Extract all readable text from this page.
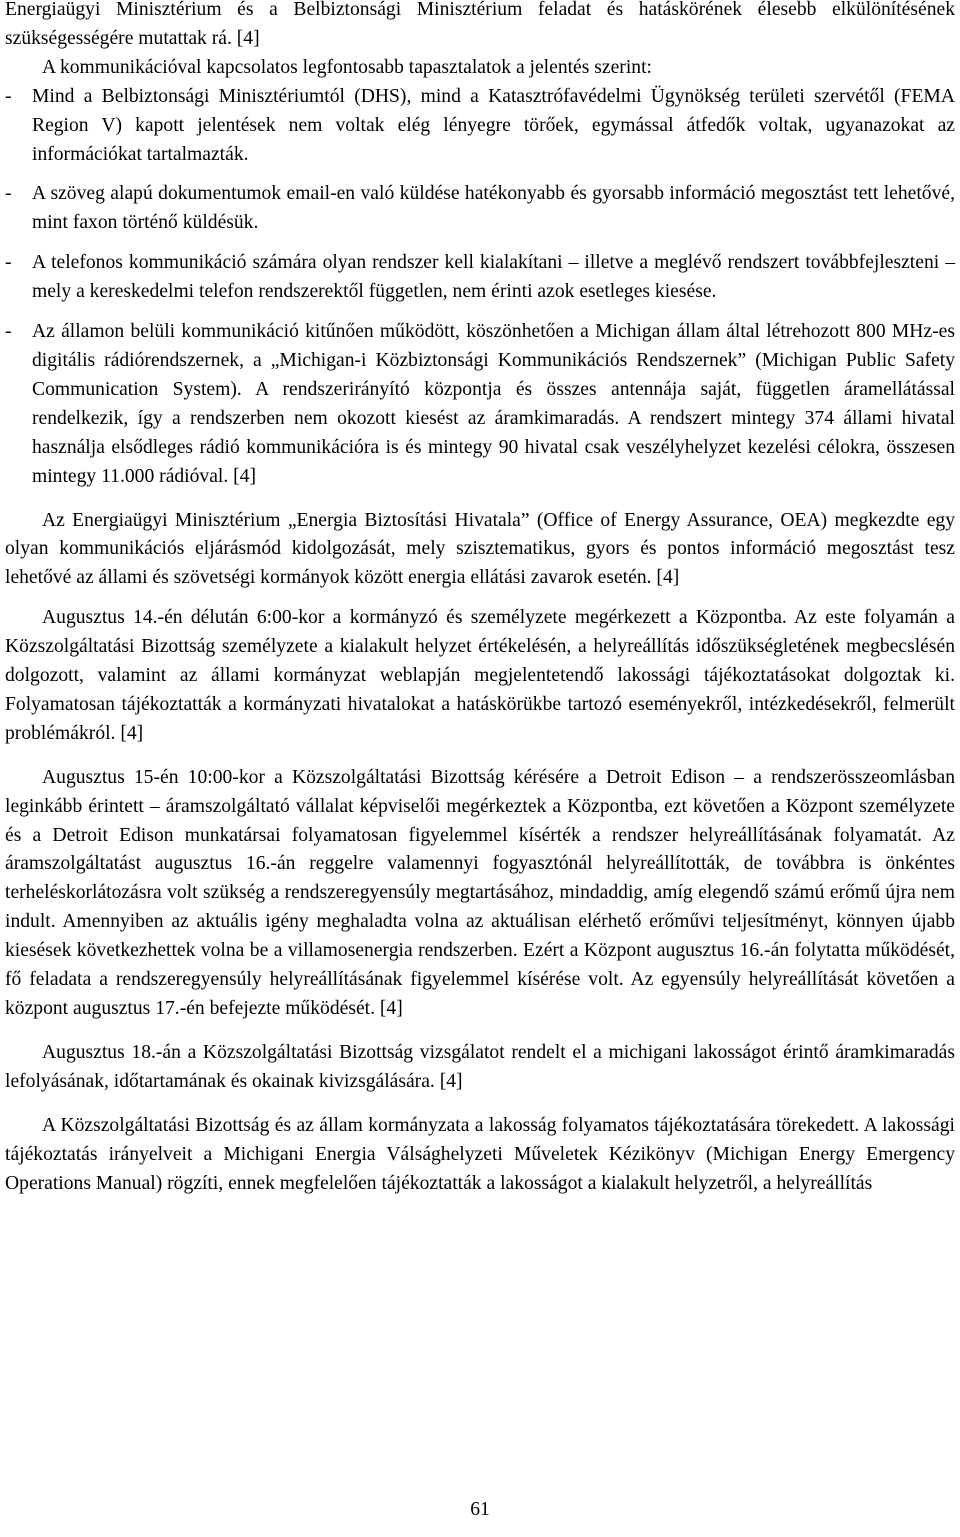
Energiaügyi Minisztérium és a Belbiztonsági Minisztérium feladat és hatáskörének élesebb elkülönítésének szükségességére mutattak rá. [4]

A kommunikációval kapcsolatos legfontosabb tapasztalatok a jelentés szerint:

- Mind a Belbiztonsági Minisztériumtól (DHS), mind a Katasztrófavédelmi Ügynökség területi szervétől (FEMA Region V) kapott jelentések nem voltak elég lényegre törőek, egymással átfedők voltak, ugyanazokat az információkat tartalmazták.

- A szöveg alapú dokumentumok email-en való küldése hatékonyabb és gyorsabb információ megosztást tett lehetővé, mint faxon történő küldésük.

- A telefonos kommunikáció számára olyan rendszer kell kialakítani – illetve a meglévő rendszert továbbfejleszteni – mely a kereskedelmi telefon rendszerektől független, nem érinti azok esetleges kiesése.

- Az államon belüli kommunikáció kitűnően működött, köszönhetően a Michigan állam által létrehozott 800 MHz-es digitális rádiórendszernek, a „Michigan-i Közbiztonsági Kommunikációs Rendszernek” (Michigan Public Safety Communication System). A rendszerirányító központja és összes antennája saját, független áramellátással rendelkezik, így a rendszerben nem okozott kiesést az áramkimaradás. A rendszert mintegy 374 állami hivatal használja elsődleges rádió kommunikációra is és mintegy 90 hivatal csak veszélyhelyzet kezelési célokra, összesen mintegy 11.000 rádióval. [4]

Az Energiaügyi Minisztérium „Energia Biztosítási Hivatala” (Office of Energy Assurance, OEA) megkezdte egy olyan kommunikációs eljárásmód kidolgozását, mely szisztematikus, gyors és pontos információ megosztást tesz lehetővé az állami és szövetségi kormányok között energia ellátási zavarok esetén. [4]

Augusztus 14.-én délután 6:00-kor a kormányzó és személyzete megérkezett a Központba. Az este folyamán a Közszolgáltatási Bizottság személyzete a kialakult helyzet értékelésén, a helyreállítás időszükségletének megbecslésén dolgozott, valamint az állami kormányzat weblapján megjelentetendő lakossági tájékoztatásokat dolgoztak ki. Folyamatosan tájékoztatták a kormányzati hivatalokat a hatáskörükbe tartozó eseményekről, intézkedésekről, felmerült problémákról. [4]

Augusztus 15-én 10:00-kor a Közszolgáltatási Bizottság kérésére a Detroit Edison – a rendszerösszeomlásban leginkább érintett – áramszolgáltató vállalat képviselői megérkeztek a Központba, ezt követően a Központ személyzete és a Detroit Edison munkatársai folyamatosan figyelemmel kísérték a rendszer helyreállításának folyamatát. Az áramszolgáltatást augusztus 16.-án reggelre valamennyi fogyasztónál helyreállították, de továbbra is önkéntes terheléskorlátozásra volt szükség a rendszeregyensúly megtartásához, mindaddig, amíg elegendő számú erőmű újra nem indult. Amennyiben az aktuális igény meghaladta volna az aktuálisan elérhető erőművi teljesítményt, könnyen újabb kiesések következhettek volna be a villamosenergia rendszerben. Ezért a Központ augusztus 16.-án folytatta működését, fő feladata a rendszeregyensúly helyreállításának figyelemmel kísérése volt. Az egyensúly helyreállítását követően a központ augusztus 17.-én befejezte működését. [4]

Augusztus 18.-án a Közszolgáltatási Bizottság vizsgálatot rendelt el a michigani lakosságot érintő áramkimaradás lefolyásának, időtartamának és okainak kivizsgálására. [4]

A Közszolgáltatási Bizottság és az állam kormányzata a lakosság folyamatos tájékoztatására törekedett. A lakossági tájékoztatás irányelveit a Michigani Energia Válsághelyzeti Műveletek Kézikönyv (Michigan Energy Emergency Operations Manual) rögzíti, ennek megfelelően tájékoztatták a lakosságot a kialakult helyzetről, a helyreállítás

61
